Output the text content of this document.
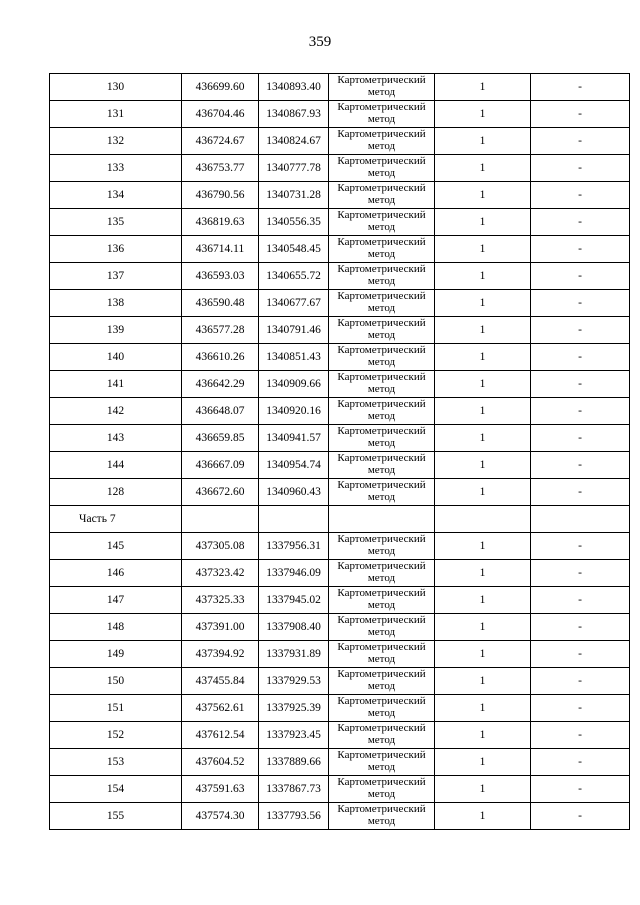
359
130	436699.60	1340893.40	Картометрический метод	1	-
131	436704.46	1340867.93	Картометрический метод	1	-
132	436724.67	1340824.67	Картометрический метод	1	-
133	436753.77	1340777.78	Картометрический метод	1	-
134	436790.56	1340731.28	Картометрический метод	1	-
135	436819.63	1340556.35	Картометрический метод	1	-
136	436714.11	1340548.45	Картометрический метод	1	-
137	436593.03	1340655.72	Картометрический метод	1	-
138	436590.48	1340677.67	Картометрический метод	1	-
139	436577.28	1340791.46	Картометрический метод	1	-
140	436610.26	1340851.43	Картометрический метод	1	-
141	436642.29	1340909.66	Картометрический метод	1	-
142	436648.07	1340920.16	Картометрический метод	1	-
143	436659.85	1340941.57	Картометрический метод	1	-
144	436667.09	1340954.74	Картометрический метод	1	-
128	436672.60	1340960.43	Картометрический метод	1	-
Часть 7					
145	437305.08	1337956.31	Картометрический метод	1	-
146	437323.42	1337946.09	Картометрический метод	1	-
147	437325.33	1337945.02	Картометрический метод	1	-
148	437391.00	1337908.40	Картометрический метод	1	-
149	437394.92	1337931.89	Картометрический метод	1	-
150	437455.84	1337929.53	Картометрический метод	1	-
151	437562.61	1337925.39	Картометрический метод	1	-
152	437612.54	1337923.45	Картометрический метод	1	-
153	437604.52	1337889.66	Картометрический метод	1	-
154	437591.63	1337867.73	Картометрический метод	1	-
155	437574.30	1337793.56	Картометрический метод	1	-
